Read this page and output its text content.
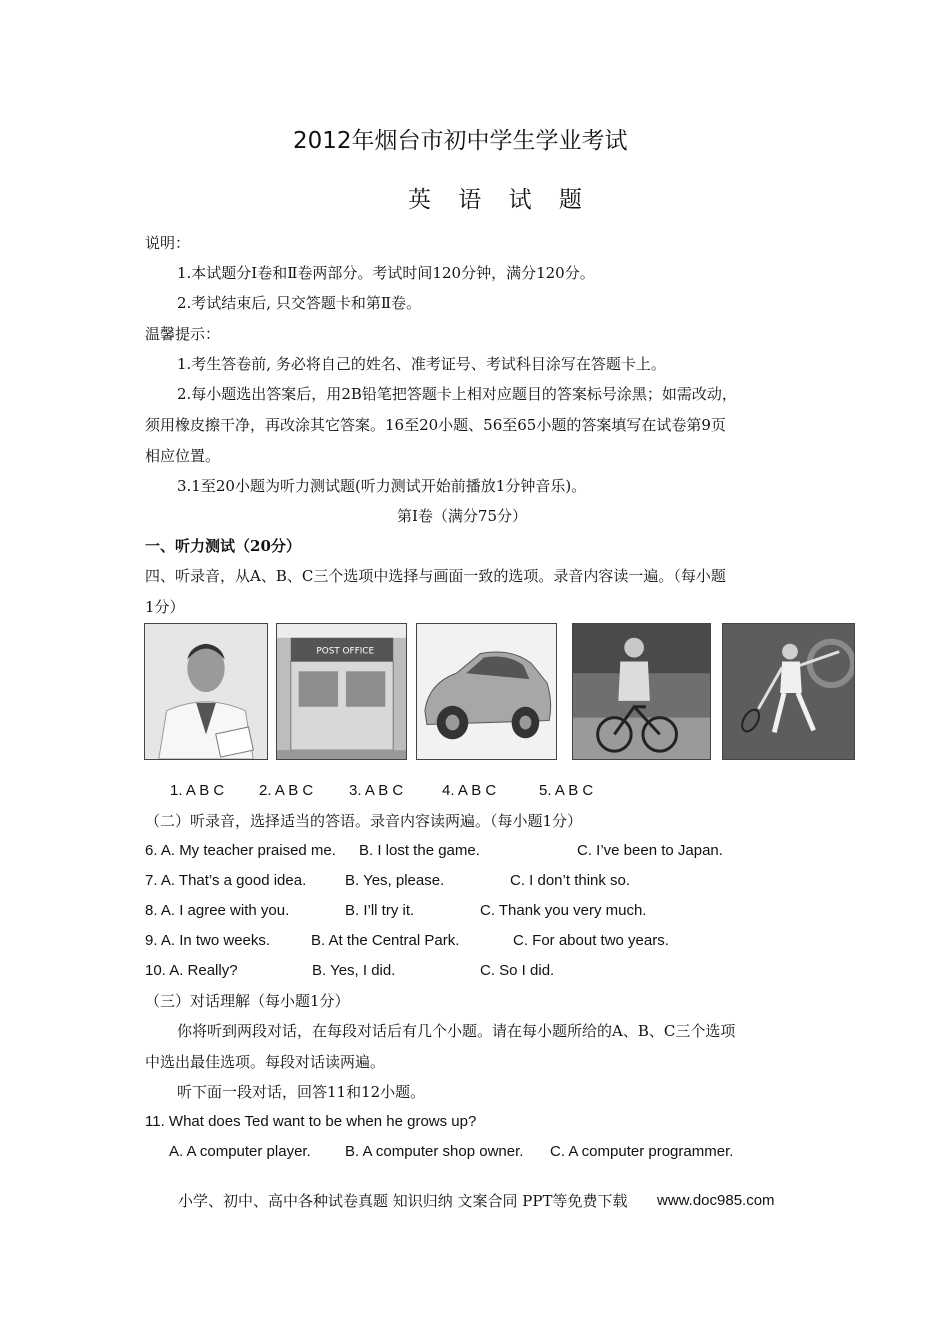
2012年烟台市初中学生学业考试
英 语 试 题
说明：
1.本试题分Ⅰ卷和Ⅱ卷两部分。考试时间120分钟，满分120分。
2.考试结束后, 只交答题卡和第Ⅱ卷。
温馨提示：
1.考生答卷前, 务必将自己的姓名、准考证号、考试科目涂写在答题卡上。
2.每小题选出答案后，用2B铅笔把答题卡上相对应题目的答案标号涂黑；如需改动，
须用橡皮擦干净，再改涂其它答案。16至20小题、56至65小题的答案填写在试卷第9页
相应位置。
3.1至20小题为听力测试题(听力测试开始前播放1分钟音乐)。
第Ⅰ卷（满分75分）
一、听力测试（20分）
四、听录音，从A、B、C三个选项中选择与画面一致的选项。录音内容读一遍。（每小题
1分）
POST OFFICE
1. A B C 2. A B C 3. A B C	4. A B C	5. A B C
（二）听录音，选择适当的答语。录音内容读两遍。（每小题1分）
6. A. My teacher praised me. B. I lost the game.	C. I’ve been to Japan.
7. A. That’s a good idea.	B. Yes, please.	C. I don’t think so.
8. A. I agree with you.	B. I’ll try it.	C. Thank you very much.
9. A. In two weeks.	B. At the Central Park.	C. For about two years.
10. A. Really?	B. Yes, I did.	C. So I did.
（三）对话理解（每小题1分）
你将听到两段对话，在每段对话后有几个小题。请在每小题所给的A、B、C三个选项
中选出最佳选项。每段对话读两遍。
听下面一段对话，回答11和12小题。
11. What does Ted want to be when he grows up?
A. A computer player. B. A computer shop owner. C. A computer programmer.
小学、初中、高中各种试卷真题 知识归纳 文案合同 PPT等免费下载 www.doc985.com
